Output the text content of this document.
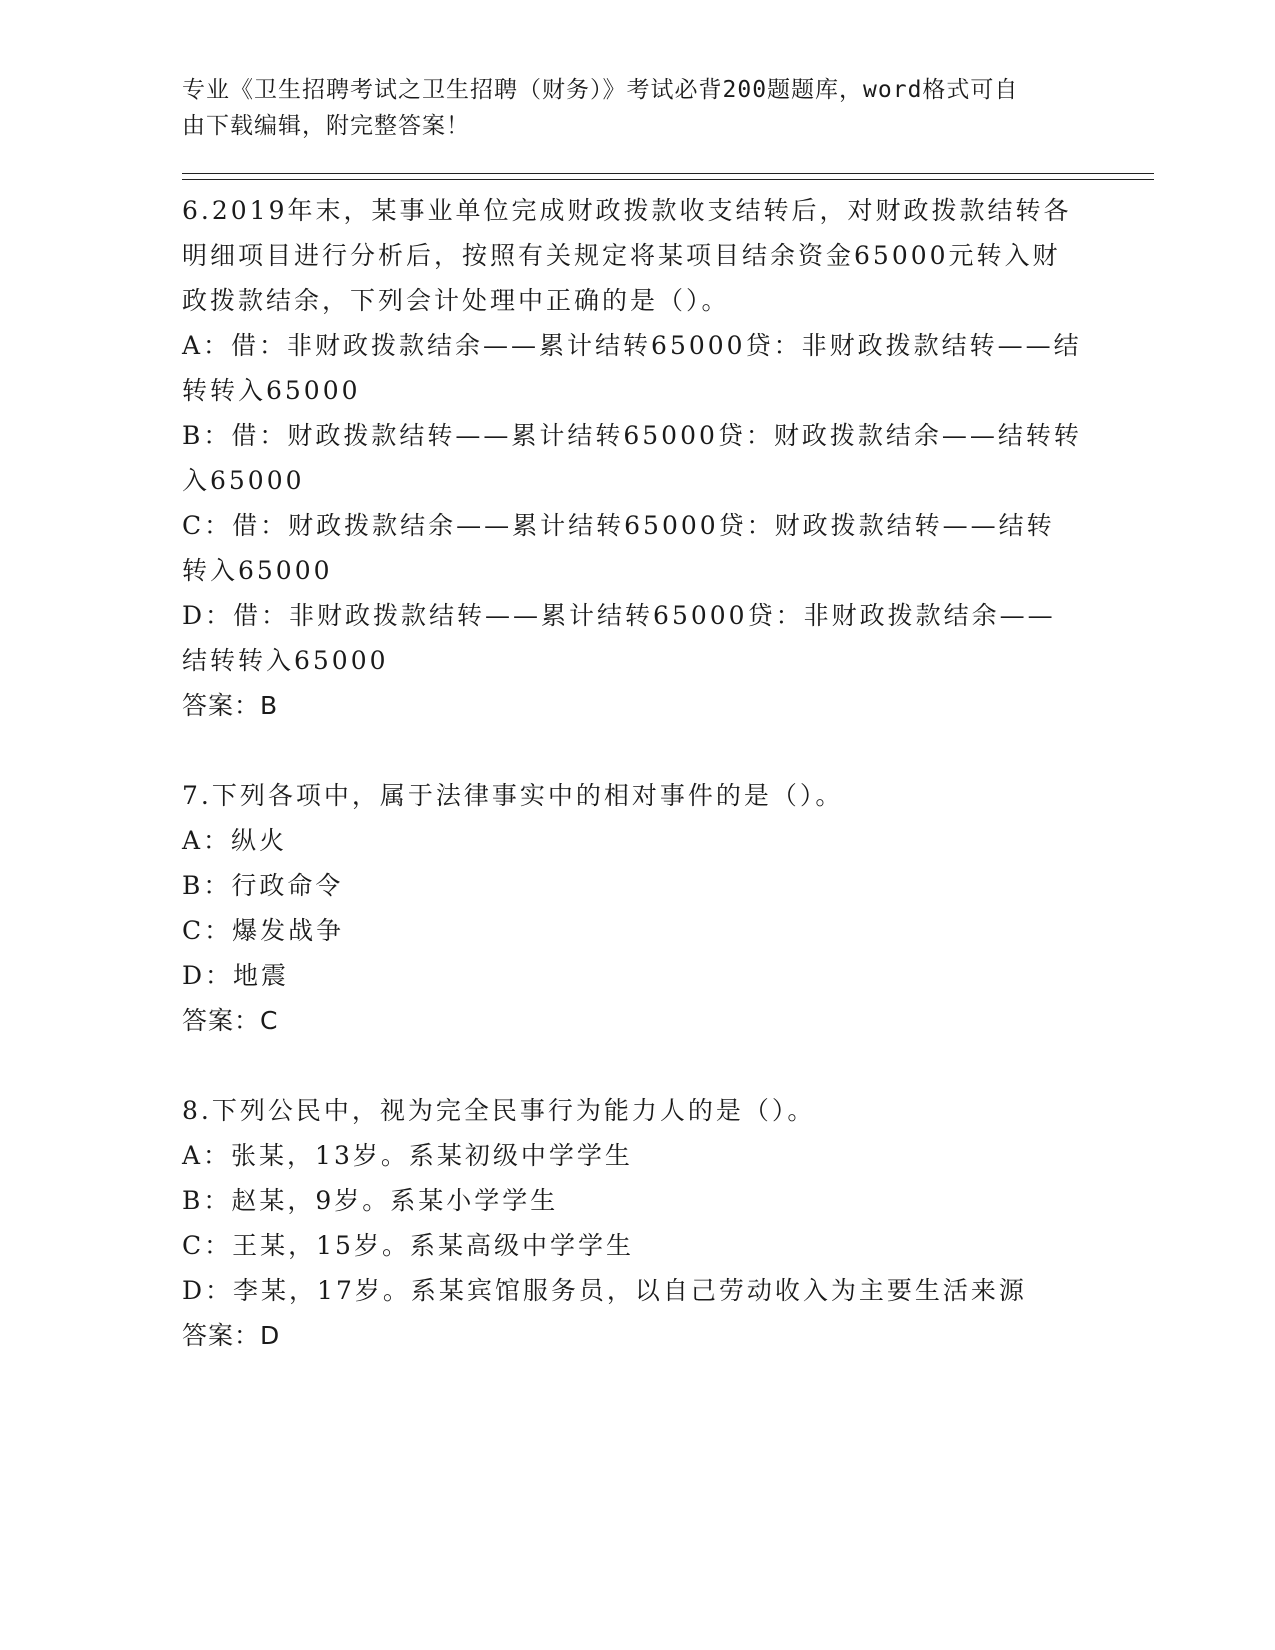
专业《卫生招聘考试之卫生招聘（财务）》考试必背200题题库，word格式可自
由下载编辑，附完整答案！

6.2019年末，某事业单位完成财政拨款收支结转后，对财政拨款结转各明细项目进行分析后，按照有关规定将某项目结余资金65000元转入财政拨款结余，下列会计处理中正确的是（）。

A：借：非财政拨款结余——累计结转65000贷：非财政拨款结转——结转转入65000

B：借：财政拨款结转——累计结转65000贷：财政拨款结余——结转转入65000

C：借：财政拨款结余——累计结转65000贷：财政拨款结转——结转转入65000

D：借：非财政拨款结转——累计结转65000贷：非财政拨款结余——结转转入65000

答案：B

7.下列各项中，属于法律事实中的相对事件的是（）。

A：纵火

B：行政命令

C：爆发战争

D：地震

答案：C

8.下列公民中，视为完全民事行为能力人的是（）。

A：张某，13岁。系某初级中学学生

B：赵某，9岁。系某小学学生

C：王某，15岁。系某高级中学学生

D：李某，17岁。系某宾馆服务员，以自己劳动收入为主要生活来源

答案：D
